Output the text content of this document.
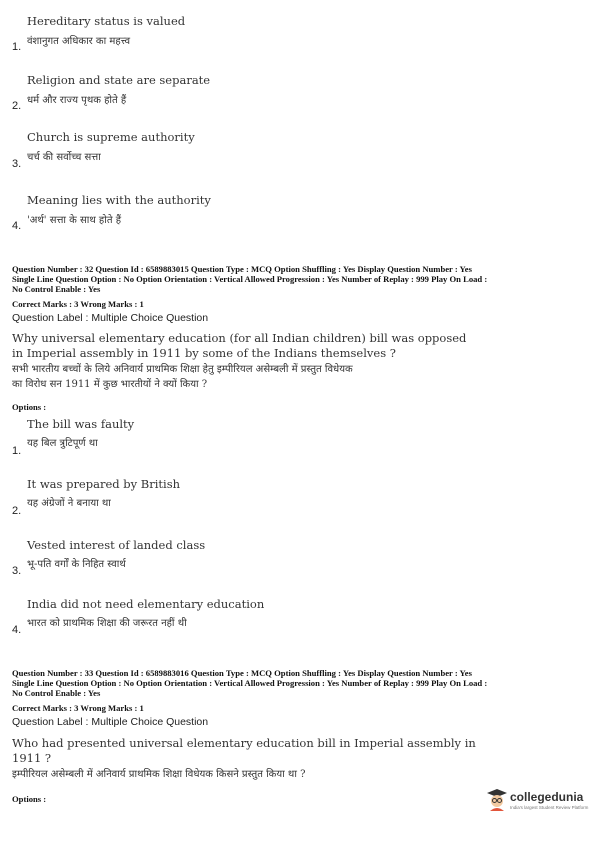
Hereditary status is valued
वंशानुगत अधिकार का महत्त्व
1.
Religion and state are separate
धर्म और राज्य पृथक होते हैं
2.
Church is supreme authority
चर्च की सर्वोच्च सत्ता
3.
Meaning lies with the authority
'अर्थ' सत्ता के साथ होते हैं
4.
Question Number : 32 Question Id : 6589883015 Question Type : MCQ Option Shuffling : Yes Display Question Number : Yes
Single Line Question Option : No Option Orientation : Vertical Allowed Progression : Yes Number of Replay : 999 Play On Load :
No Control Enable : Yes
Correct Marks : 3 Wrong Marks : 1
Question Label : Multiple Choice Question
Why universal elementary education (for all Indian children) bill was opposed
in Imperial assembly in 1911 by some of the Indians themselves ?
सभी भारतीय बच्चों के लिये अनिवार्य प्राथमिक शिक्षा हेतु इम्पीरियल असेम्बली में प्रस्तुत विधेयक
का विरोध सन 1911 में कुछ भारतीयों ने क्यों किया ?
Options :
The bill was faulty
यह बिल त्रुटिपूर्ण था
1.
It was prepared by British
यह अंग्रेजों ने बनाया था
2.
Vested interest of landed class
भू-पति वर्गों के निहित स्वार्थ
3.
India did not need elementary education
भारत को प्राथमिक शिक्षा की जरूरत नहीं थी
4.
Question Number : 33 Question Id : 6589883016 Question Type : MCQ Option Shuffling : Yes Display Question Number : Yes
Single Line Question Option : No Option Orientation : Vertical Allowed Progression : Yes Number of Replay : 999 Play On Load :
No Control Enable : Yes
Correct Marks : 3 Wrong Marks : 1
Question Label : Multiple Choice Question
Who had presented universal elementary education bill in Imperial assembly in
1911 ?
इम्पीरियल असेम्बली में अनिवार्य प्राथमिक शिक्षा विधेयक किसने प्रस्तुत किया था ?
Options :	collegedunia
India's largest Student Review Platform
